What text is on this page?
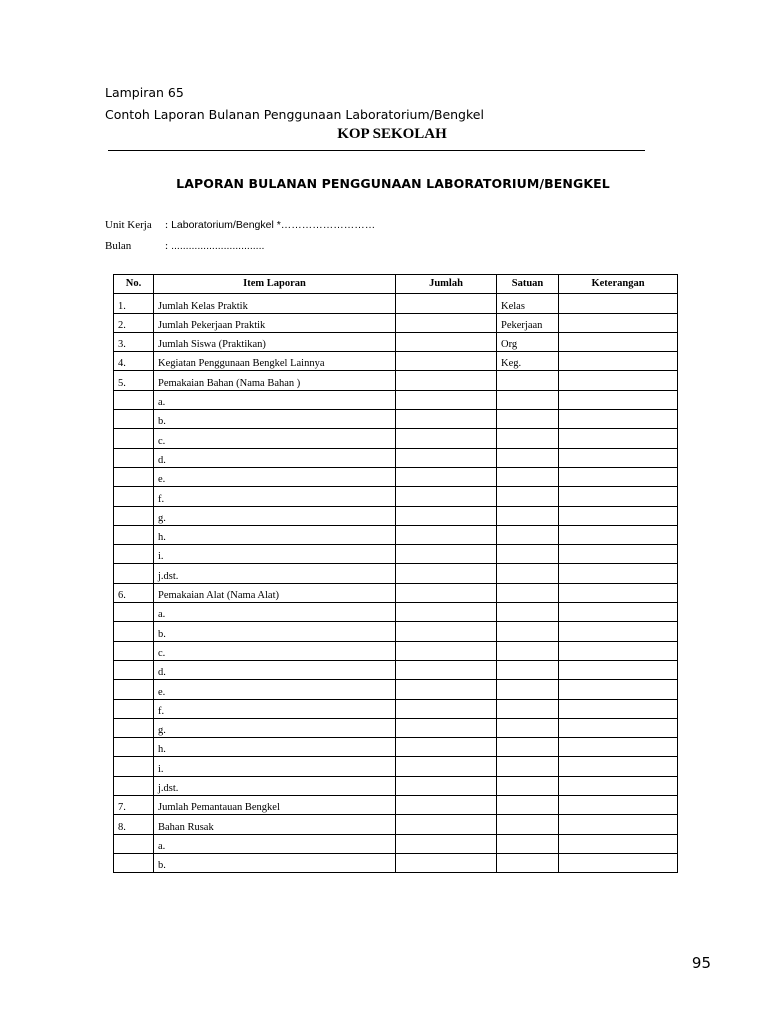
Lampiran 65
Contoh Laporan Bulanan Penggunaan Laboratorium/Bengkel
KOP SEKOLAH
LAPORAN BULANAN PENGGUNAAN LABORATORIUM/BENGKEL
Unit Kerja : Laboratorium/Bengkel *………………………
Bulan	: ................................
No.	Item Laporan	Jumlah	Satuan	Keterangan
1.	Jumlah Kelas Praktik		Kelas	
2.	Jumlah Pekerjaan Praktik		Pekerjaan	
3.	Jumlah Siswa (Praktikan)		Org	
4.	Kegiatan Penggunaan Bengkel Lainnya		Keg.	
5.	Pemakaian Bahan (Nama Bahan )			
	a.			
	b.			
	c.			
	d.			
	e.			
	f.			
	g.			
	h.			
	i.			
	j.dst.			
6.	Pemakaian Alat (Nama Alat)			
	a.			
	b.			
	c.			
	d.			
	e.			
	f.			
	g.			
	h.			
	i.			
	j.dst.			
7.	Jumlah Pemantauan Bengkel			
8.	Bahan Rusak			
	a.			
	b.			
95
